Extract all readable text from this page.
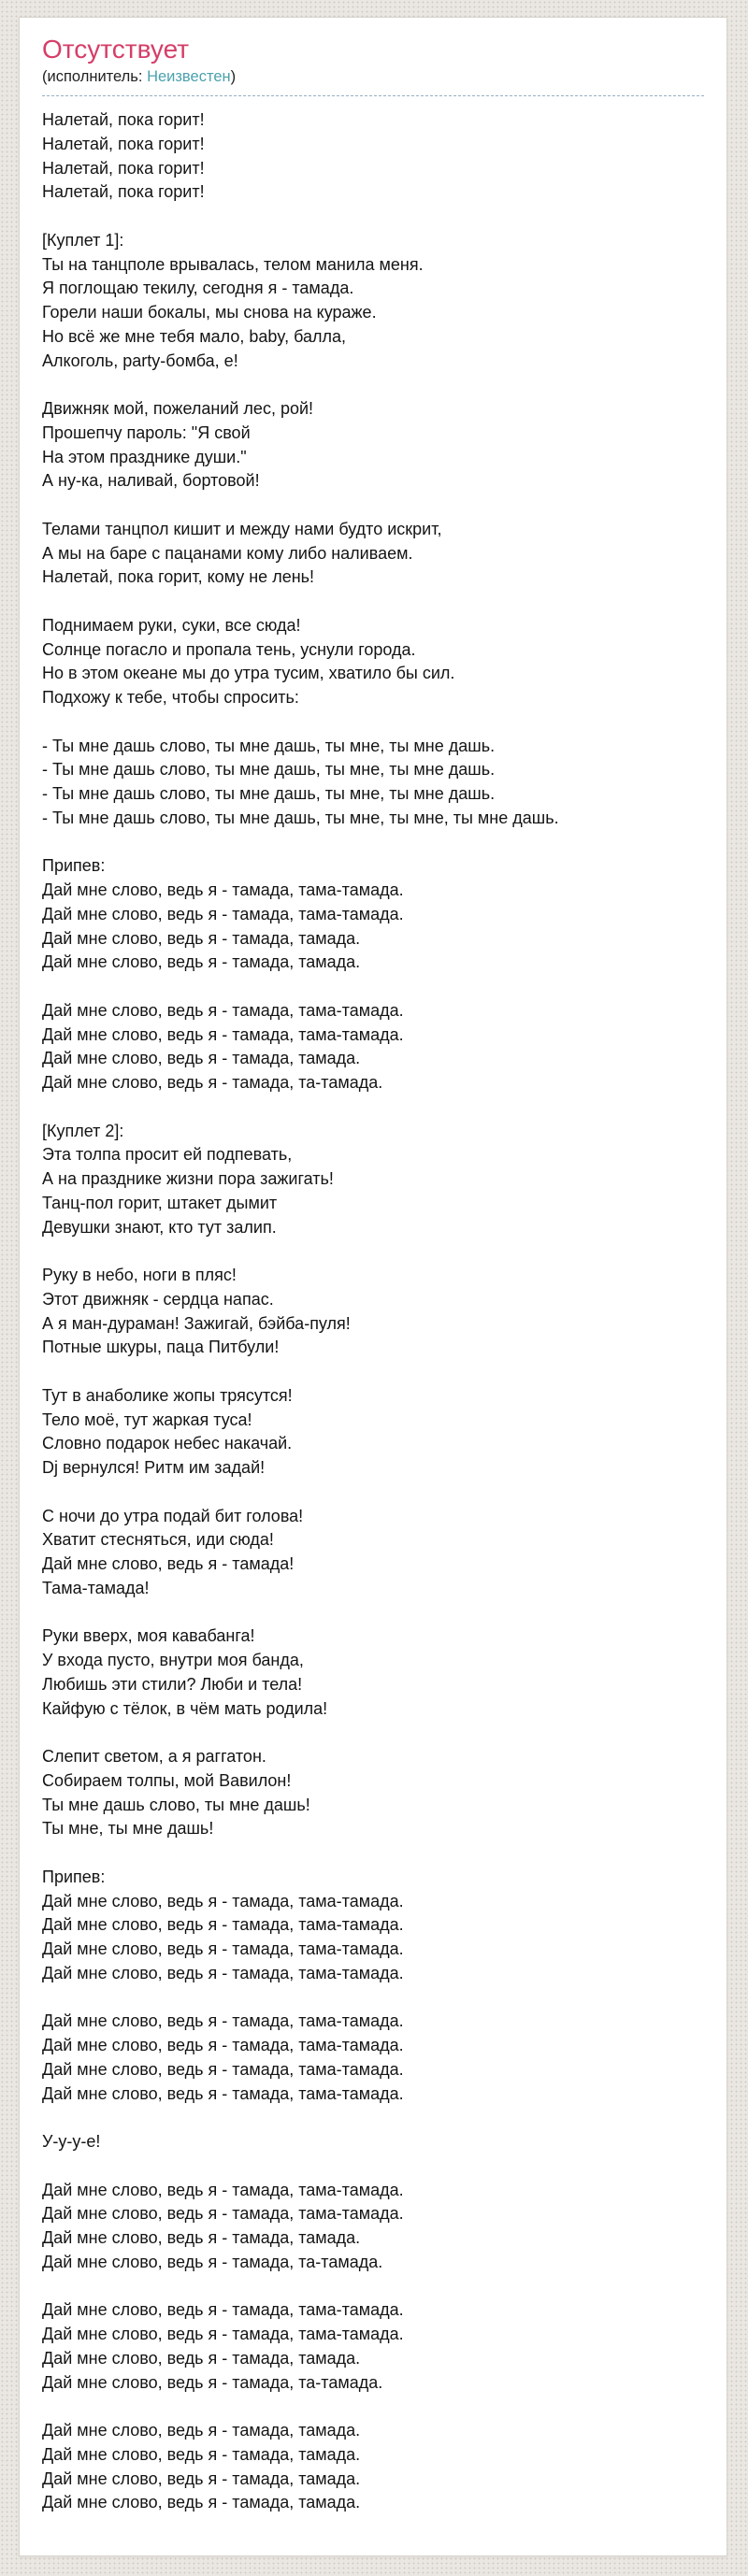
Отсутствует
(исполнитель: Неизвестен)

Налетай, пока горит!
Налетай, пока горит!
Налетай, пока горит!
Налетай, пока горит!

[Куплет 1]:
Ты на танцполе врывалась, телом манила меня.
Я поглощаю текилу, сегодня я - тамада.
Горели наши бокалы, мы снова на кураже.
Но всё же мне тебя мало, baby, балла,
Алкоголь, party-бомба, е!

Движняк мой, пожеланий лес, рой!
Прошепчу пароль: "Я свой
На этом празднике души."
А ну-ка, наливай, бортовой!

Телами танцпол кишит и между нами будто искрит,
А мы на баре с пацанами кому либо наливаем.
Налетай, пока горит, кому не лень!

Поднимаем руки, суки, все сюда!
Солнце погасло и пропала тень, уснули города.
Но в этом океане мы до утра тусим, хватило бы сил.
Подхожу к тебе, чтобы спросить:

- Ты мне дашь слово, ты мне дашь, ты мне, ты мне дашь.
- Ты мне дашь слово, ты мне дашь, ты мне, ты мне дашь.
- Ты мне дашь слово, ты мне дашь, ты мне, ты мне дашь.
- Ты мне дашь слово, ты мне дашь, ты мне, ты мне, ты мне дашь.

Припев:
Дай мне слово, ведь я - тамада, тама-тамада.
Дай мне слово, ведь я - тамада, тама-тамада.
Дай мне слово, ведь я - тамада, тамада.
Дай мне слово, ведь я - тамада, тамада.

Дай мне слово, ведь я - тамада, тама-тамада.
Дай мне слово, ведь я - тамада, тама-тамада.
Дай мне слово, ведь я - тамада, тамада.
Дай мне слово, ведь я - тамада, та-тамада.

[Куплет 2]:
Эта толпа просит ей подпевать,
А на празднике жизни пора зажигать!
Танц-пол горит, штакет дымит
Девушки знают, кто тут залип.

Руку в небо, ноги в пляс!
Этот движняк - сердца напас.
А я ман-дураман! Зажигай, бэйба-пуля!
Потные шкуры, паца Питбули!

Тут в анаболике жопы трясутся!
Тело моё, тут жаркая туса!
Словно подарок небес накачай.
Dj вернулся! Ритм им задай!

С ночи до утра подай бит голова!
Хватит стесняться, иди сюда!
Дай мне слово, ведь я - тамада!
Тама-тамада!

Руки вверх, моя кавабанга!
У входа пусто, внутри моя банда,
Любишь эти стили? Люби и тела!
Кайфую с тёлок, в чём мать родила!

Слепит светом, а я раггатон.
Собираем толпы, мой Вавилон!
Ты мне дашь слово, ты мне дашь!
Ты мне, ты мне дашь!

Припев:
Дай мне слово, ведь я - тамада, тама-тамада.
Дай мне слово, ведь я - тамада, тама-тамада.
Дай мне слово, ведь я - тамада, тама-тамада.
Дай мне слово, ведь я - тамада, тама-тамада.

Дай мне слово, ведь я - тамада, тама-тамада.
Дай мне слово, ведь я - тамада, тама-тамада.
Дай мне слово, ведь я - тамада, тама-тамада.
Дай мне слово, ведь я - тамада, тама-тамада.

У-у-у-е!

Дай мне слово, ведь я - тамада, тама-тамада.
Дай мне слово, ведь я - тамада, тама-тамада.
Дай мне слово, ведь я - тамада, тамада.
Дай мне слово, ведь я - тамада, та-тамада.

Дай мне слово, ведь я - тамада, тама-тамада.
Дай мне слово, ведь я - тамада, тама-тамада.
Дай мне слово, ведь я - тамада, тамада.
Дай мне слово, ведь я - тамада, та-тамада.

Дай мне слово, ведь я - тамада, тамада.
Дай мне слово, ведь я - тамада, тамада.
Дай мне слово, ведь я - тамада, тамада.
Дай мне слово, ведь я - тамада, тамада.
